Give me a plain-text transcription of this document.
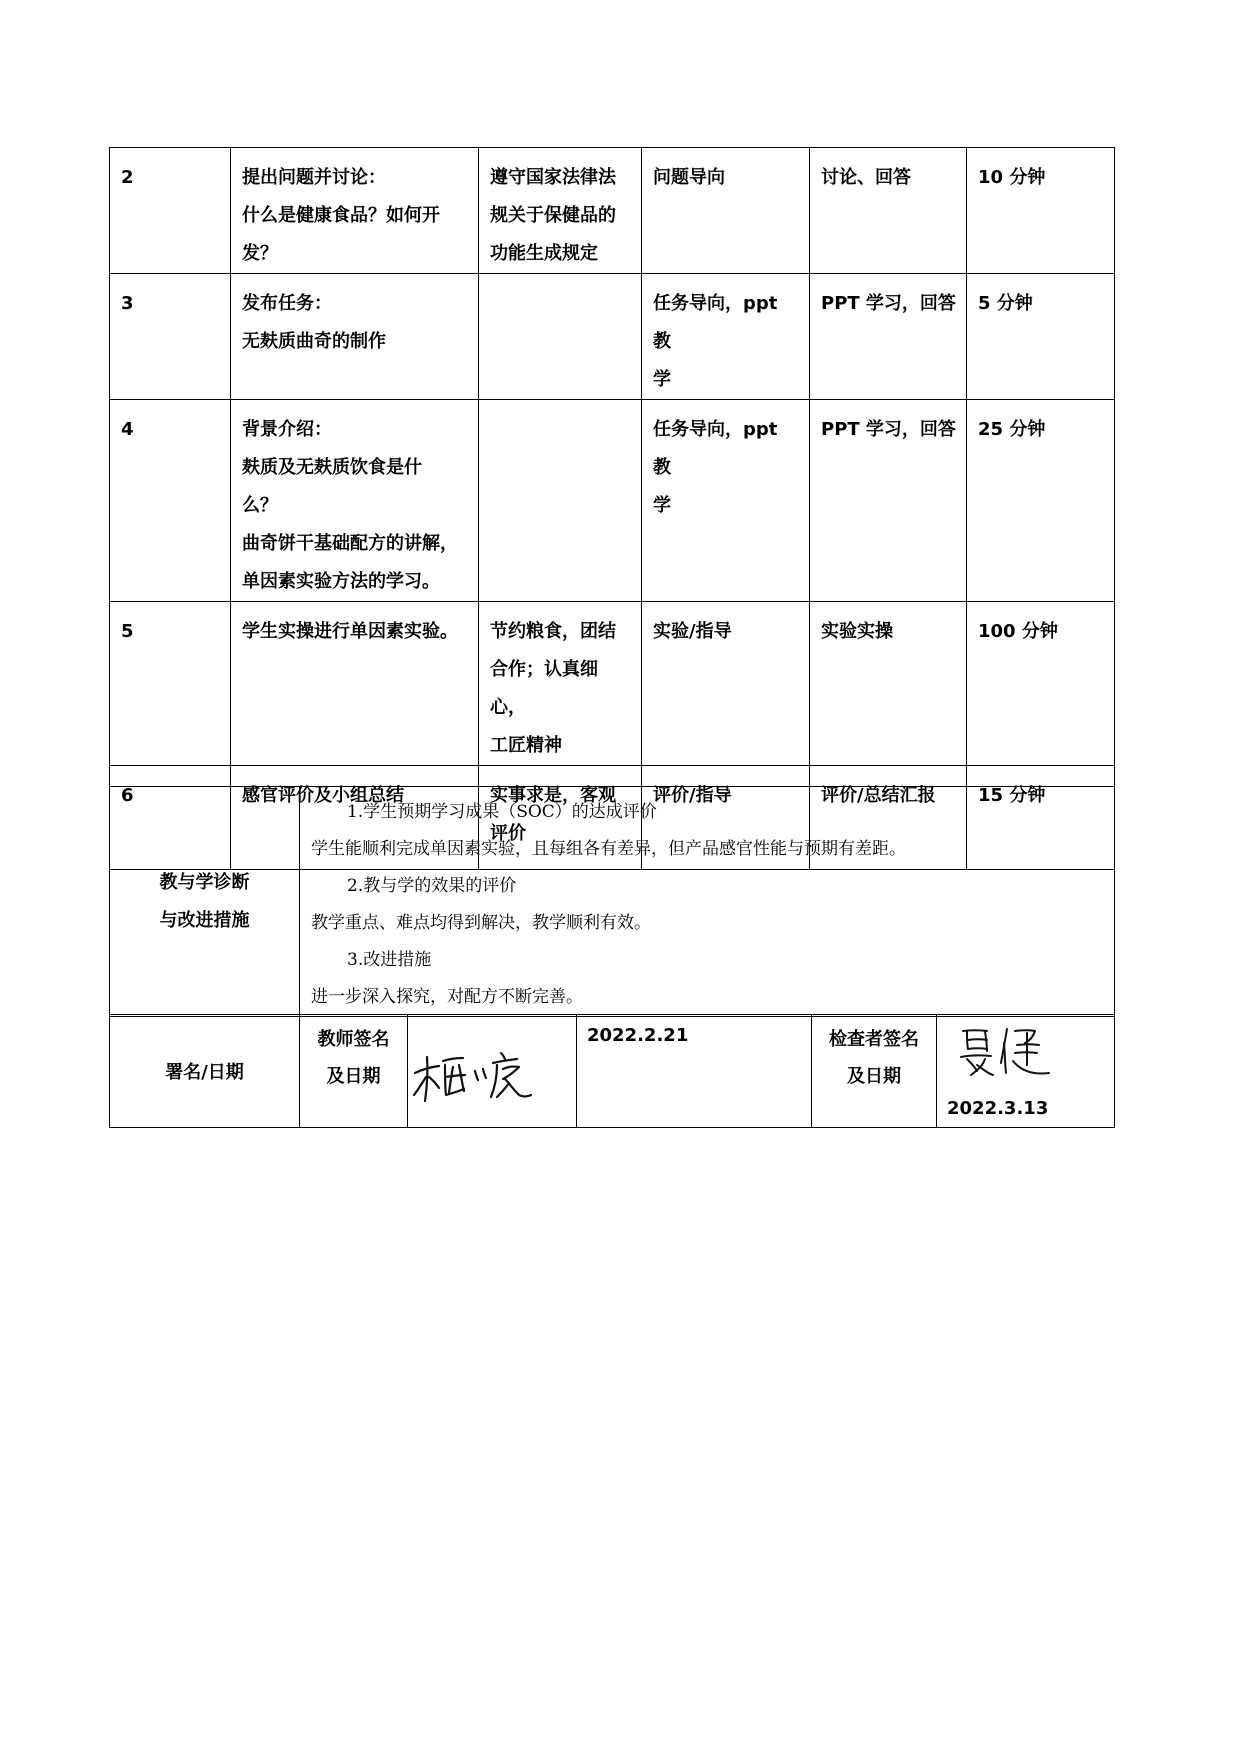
2	提出问题并讨论：
什么是健康食品？如何开
发？	遵守国家法律法
规关于保健品的
功能生成规定	问题导向	讨论、回答	10 分钟
3	发布任务：
无麸质曲奇的制作		任务导向，ppt 教
学	PPT 学习，回答	5 分钟
4	背景介绍：
麸质及无麸质饮食是什
么？
曲奇饼干基础配方的讲解，
单因素实验方法的学习。		任务导向，ppt 教
学	PPT 学习，回答	25 分钟
5	学生实操进行单因素实验。	节约粮食，团结
合作；认真细心，
工匠精神	实验/指导	实验实操	100 分钟
6	感官评价及小组总结	实事求是，客观
评价	评价/指导	评价/总结汇报	15 分钟
教与学诊断
与改进措施

1.学生预期学习成果（SOC）的达成评价
学生能顺利完成单因素实验，且每组各有差异，但产品感官性能与预期有差距。
2.教与学的效果的评价
教学重点、难点均得到解决，教学顺利有效。
3.改进措施
进一步深入探究，对配方不断完善。
署名/日期	
教师签名
及日期

	2022.2.21	检查者签名
及日期

2022.3.13
